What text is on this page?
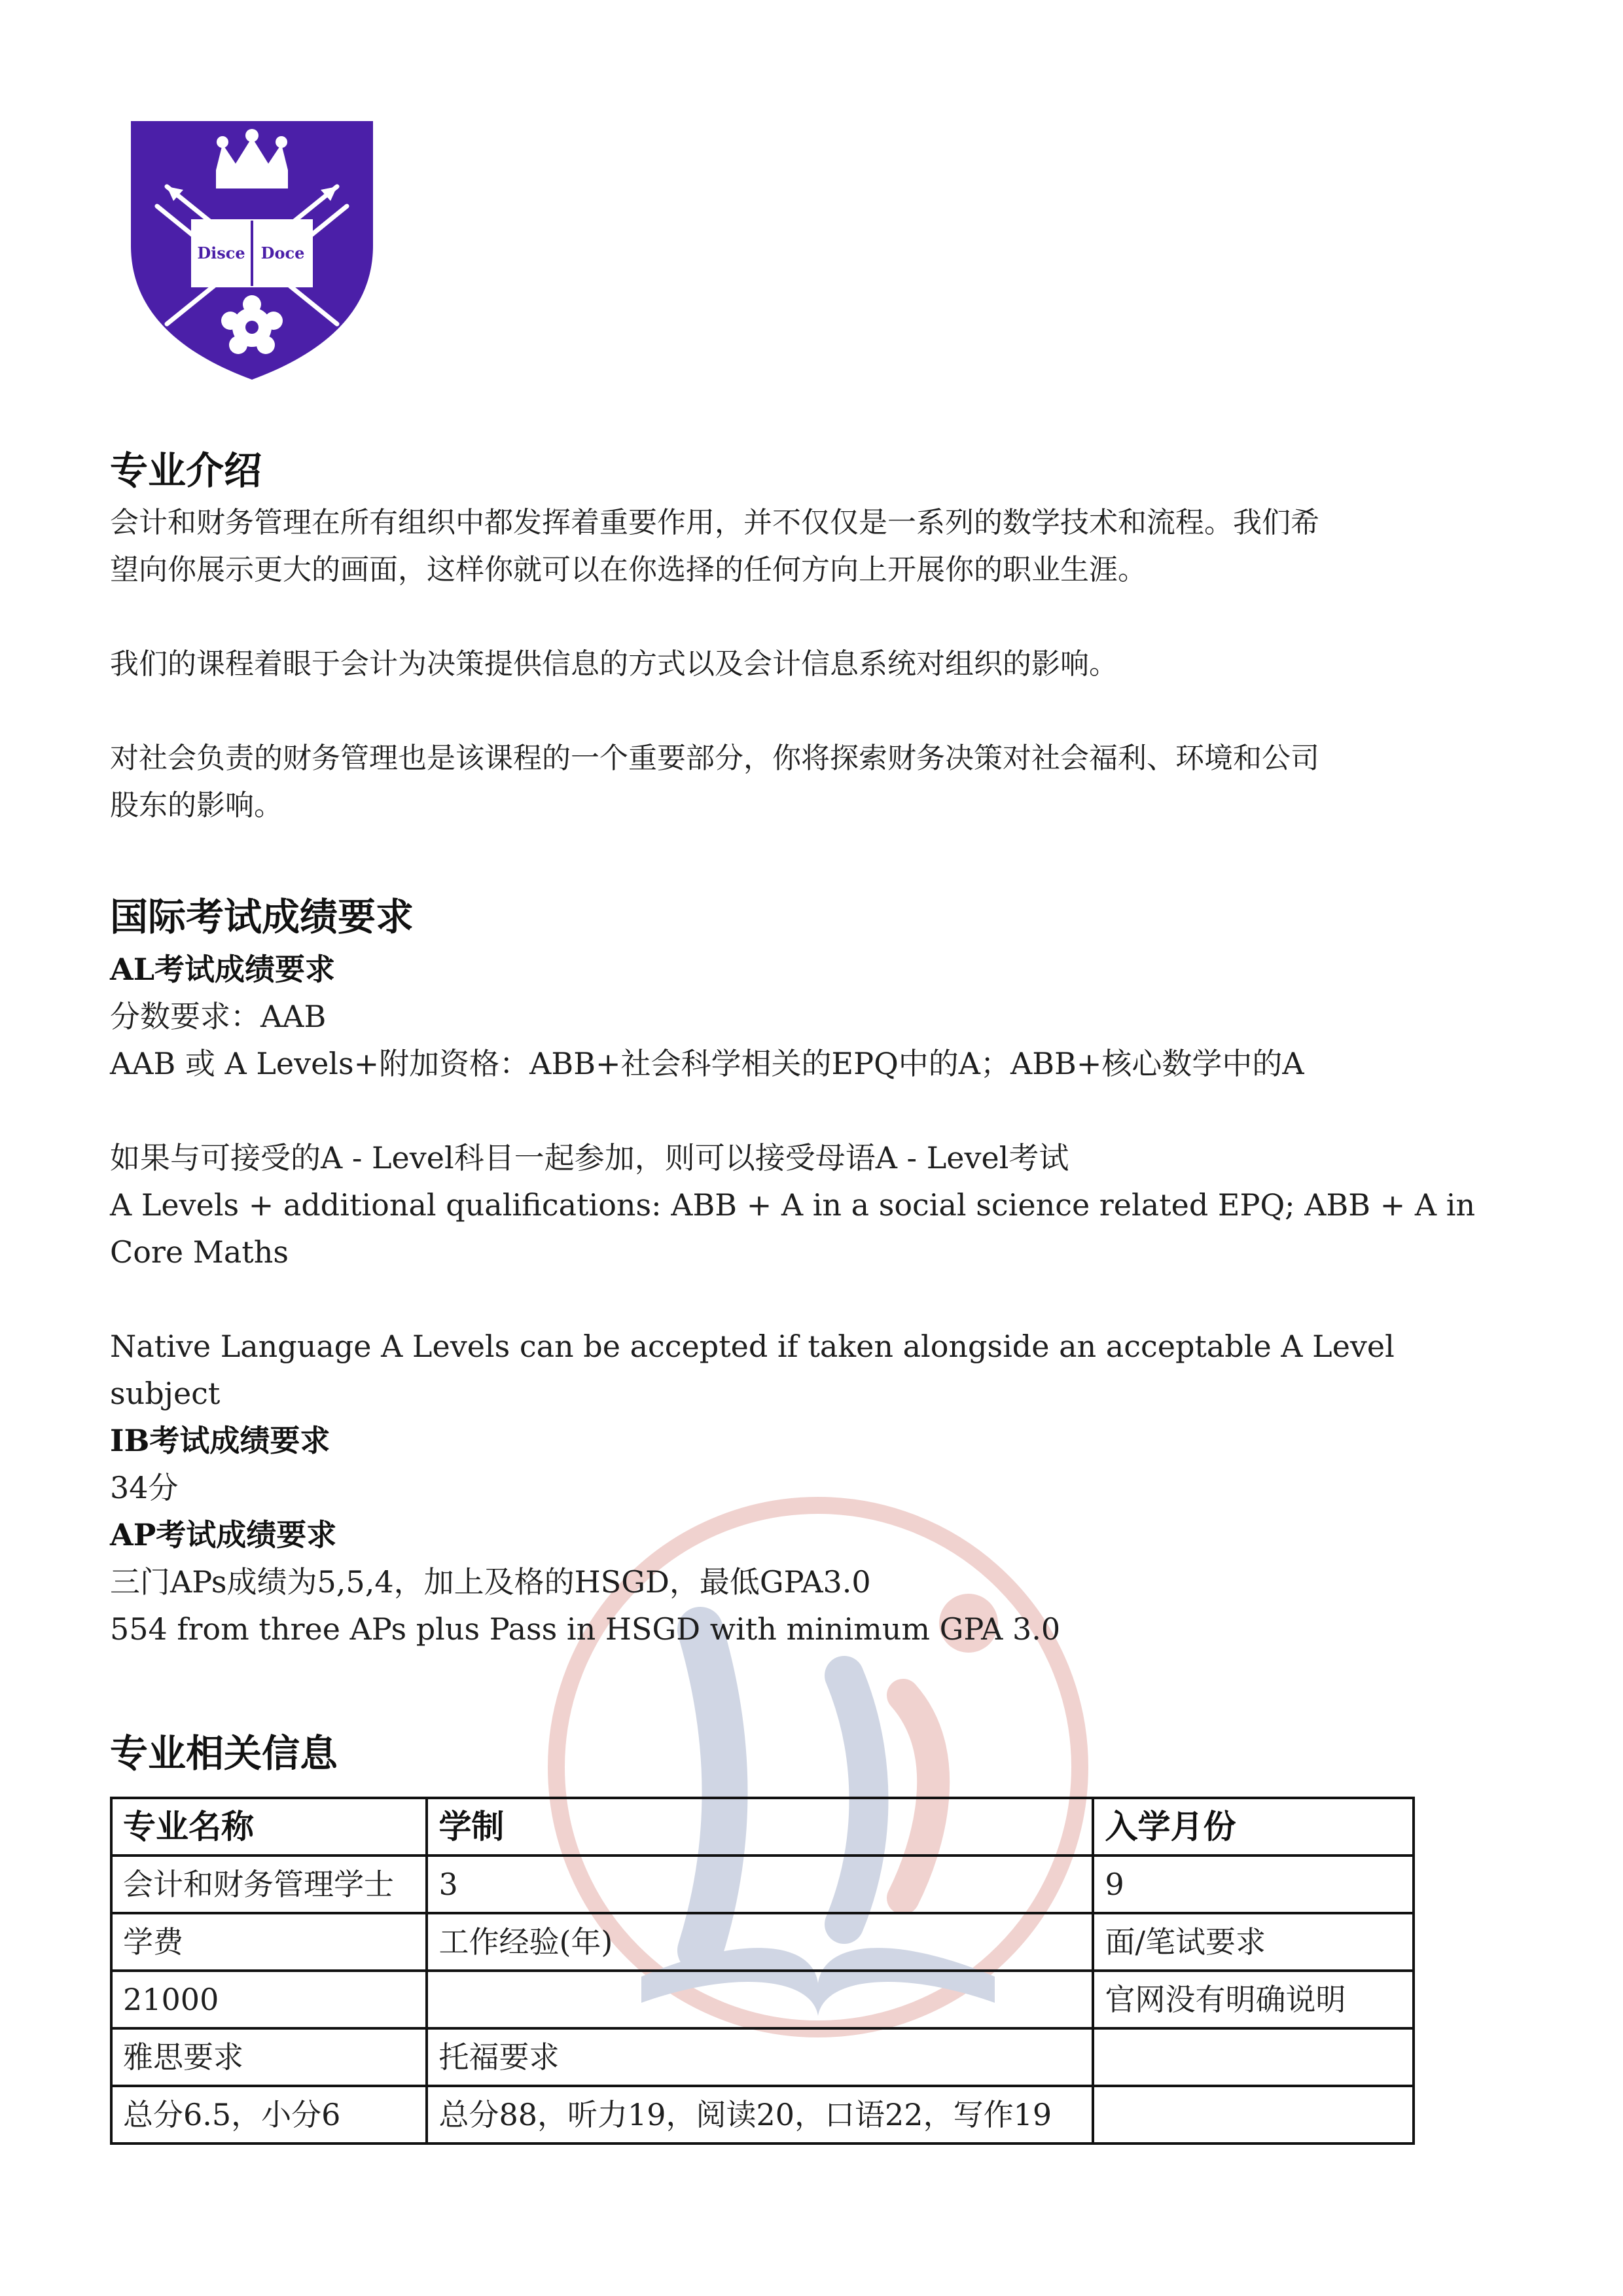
Disce Doce
专业介绍
会计和财务管理在所有组织中都发挥着重要作用，并不仅仅是一系列的数学技术和流程。我们希
望向你展示更大的画面，这样你就可以在你选择的任何方向上开展你的职业生涯。
我们的课程着眼于会计为决策提供信息的方式以及会计信息系统对组织的影响。
对社会负责的财务管理也是该课程的一个重要部分，你将探索财务决策对社会福利、环境和公司
股东的影响。
国际考试成绩要求
AL考试成绩要求
分数要求：AAB
AAB 或 A Levels+附加资格：ABB+社会科学相关的EPQ中的A；ABB+核心数学中的A
如果与可接受的A - Level科目一起参加，则可以接受母语A - Level考试
A Levels + additional qualifications: ABB + A in a social science related EPQ; ABB + A in
Core Maths
Native Language A Levels can be accepted if taken alongside an acceptable A Level
subject
IB考试成绩要求
34分
AP考试成绩要求
三门APs成绩为5,5,4，加上及格的HSGD，最低GPA3.0
554 from three APs plus Pass in HSGD with minimum GPA 3.0
专业相关信息
专业名称	学制	入学月份
会计和财务管理学士	3	9
学费	工作经验(年)	面/笔试要求
21000		官网没有明确说明
雅思要求	托福要求	
总分6.5，小分6	总分88，听力19，阅读20，口语22，写作19	
